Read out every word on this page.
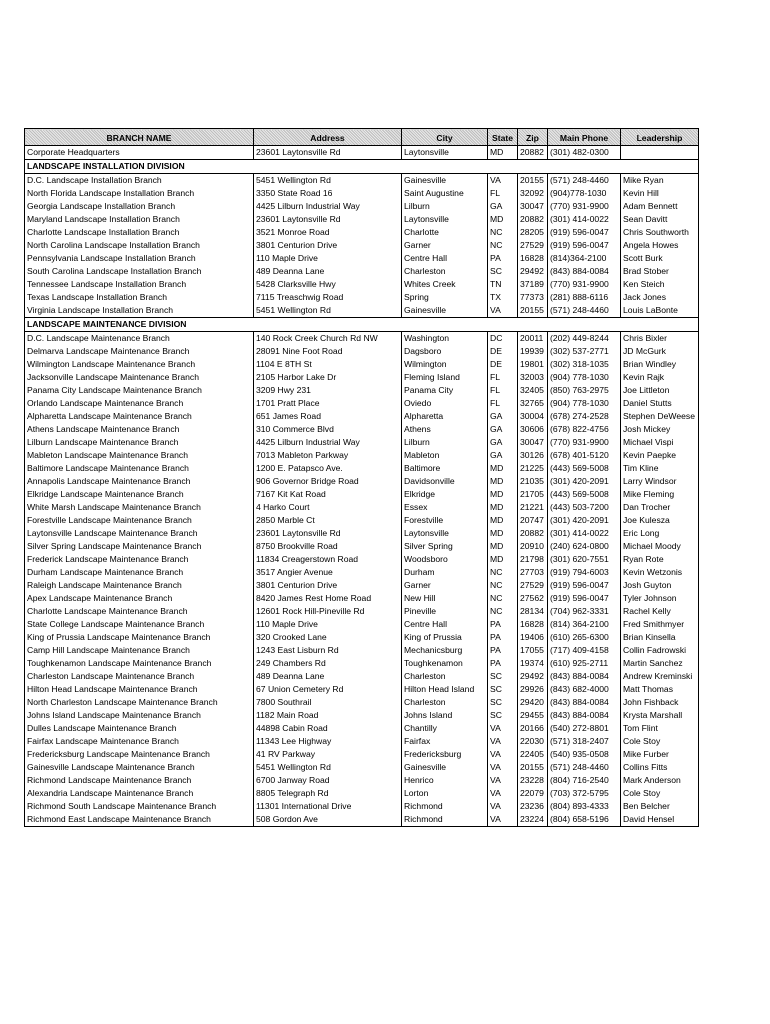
BRANCH NAME	Address	City	State	Zip	Main Phone	Leadership
Corporate Headquarters	23601 Laytonsville Rd	Laytonsville	MD	20882	(301) 482-0300	
LANDSCAPE INSTALLATION DIVISION						
D.C. Landscape Installation Branch	5451 Wellington Rd	Gainesville	VA	20155	(571) 248-4460	Mike Ryan
North Florida Landscape Installation Branch	3350 State Road 16	Saint Augustine	FL	32092	(904)778-1030	Kevin Hill
Georgia Landscape Installation Branch	4425 Lilburn Industrial Way	Lilburn	GA	30047	(770) 931-9900	Adam Bennett
Maryland Landscape Installation Branch	23601 Laytonsville Rd	Laytonsville	MD	20882	(301) 414-0022	Sean Davitt
Charlotte Landscape Installation Branch	3521 Monroe Road	Charlotte	NC	28205	(919) 596-0047	Chris Southworth
North Carolina Landscape Installation Branch	3801 Centurion Drive	Garner	NC	27529	(919) 596-0047	Angela Howes
Pennsylvania Landscape Installation Branch	110 Maple Drive	Centre Hall	PA	16828	(814)364-2100	Scott Burk
South Carolina Landscape Installation Branch	489 Deanna Lane	Charleston	SC	29492	(843) 884-0084	Brad Stober
Tennessee Landscape Installation Branch	5428 Clarksville Hwy	Whites Creek	TN	37189	(770) 931-9900	Ken Steich
Texas Landscape Installation Branch	7115 Treaschwig Road	Spring	TX	77373	(281) 888-6116	Jack Jones
Virginia Landscape Installation Branch	5451 Wellington Rd	Gainesville	VA	20155	(571) 248-4460	Louis LaBonte
LANDSCAPE MAINTENANCE DIVISION						
D.C. Landscape Maintenance Branch	140 Rock Creek Church Rd NW	Washington	DC	20011	(202) 449-8244	Chris Bixler
Delmarva Landscape Maintenance Branch	28091 Nine Foot Road	Dagsboro	DE	19939	(302) 537-2771	JD McGurk
Wilmington Landscape Maintenance Branch	1104 E 8TH St	Wilmington	DE	19801	(302) 318-1035	Brian Windley
Jacksonville Landscape Maintenance Branch	2105 Harbor Lake Dr	Fleming Island	FL	32003	(904) 778-1030	Kevin Rajk
Panama City Landscape Maintenance Branch	3209 Hwy 231	Panama City	FL	32405	(850) 763-2975	Joe Littleton
Orlando Landscape Maintenance Branch	1701 Pratt Place	Oviedo	FL	32765	(904) 778-1030	Daniel Stutts
Alpharetta Landscape Maintenance Branch	651 James Road	Alpharetta	GA	30004	(678) 274-2528	Stephen DeWeese
Athens Landscape Maintenance Branch	310 Commerce Blvd	Athens	GA	30606	(678) 822-4756	Josh Mickey
Lilburn Landscape Maintenance Branch	4425 Lilburn Industrial Way	Lilburn	GA	30047	(770) 931-9900	Michael Vispi
Mableton Landscape Maintenance Branch	7013 Mableton Parkway	Mableton	GA	30126	(678) 401-5120	Kevin Paepke
Baltimore Landscape Maintenance Branch	1200 E. Patapsco Ave.	Baltimore	MD	21225	(443) 569-5008	Tim Kline
Annapolis Landscape Maintenance Branch	906 Governor Bridge Road	Davidsonville	MD	21035	(301) 420-2091	Larry Windsor
Elkridge Landscape Maintenance Branch	7167 Kit Kat Road	Elkridge	MD	21705	(443) 569-5008	Mike Fleming
White Marsh Landscape Maintenance Branch	4 Harko Court	Essex	MD	21221	(443) 503-7200	Dan Trocher
Forestville Landscape Maintenance Branch	2850 Marble Ct	Forestville	MD	20747	(301) 420-2091	Joe Kulesza
Laytonsville Landscape Maintenance Branch	23601 Laytonsville Rd	Laytonsville	MD	20882	(301) 414-0022	Eric Long
Silver Spring Landscape Maintenance Branch	8750 Brookville Road	Silver Spring	MD	20910	(240) 624-0800	Michael Moody
Frederick Landscape Maintenance Branch	11834 Creagerstown Road	Woodsboro	MD	21798	(301) 620-7551	Ryan Rote
Durham Landscape Maintenance Branch	3517 Angier Avenue	Durham	NC	27703	(919) 794-6003	Kevin Wetzonis
Raleigh Landscape Maintenance Branch	3801 Centurion Drive	Garner	NC	27529	(919) 596-0047	Josh Guyton
Apex Landscape Maintenance Branch	8420 James Rest Home Road	New Hill	NC	27562	(919) 596-0047	Tyler Johnson
Charlotte Landscape Maintenance Branch	12601 Rock Hill-Pineville Rd	Pineville	NC	28134	(704) 962-3331	Rachel Kelly
State College Landscape Maintenance Branch	110 Maple Drive	Centre Hall	PA	16828	(814) 364-2100	Fred Smithmyer
King of Prussia Landscape Maintenance Branch	320 Crooked Lane	King of Prussia	PA	19406	(610) 265-6300	Brian Kinsella
Camp Hill Landscape Maintenance Branch	1243 East Lisburn Rd	Mechanicsburg	PA	17055	(717) 409-4158	Collin Fadrowski
Toughkenamon Landscape Maintenance Branch	249 Chambers Rd	Toughkenamon	PA	19374	(610) 925-2711	Martin Sanchez
Charleston Landscape Maintenance Branch	489 Deanna Lane	Charleston	SC	29492	(843) 884-0084	Andrew Kreminski
Hilton Head Landscape Maintenance Branch	67 Union Cemetery Rd	Hilton Head Island	SC	29926	(843) 682-4000	Matt Thomas
North Charleston Landscape Maintenance Branch	7800 Southrail	Charleston	SC	29420	(843) 884-0084	John Fishback
Johns Island Landscape Maintenance Branch	1182 Main Road	Johns Island	SC	29455	(843) 884-0084	Krysta Marshall
Dulles Landscape Maintenance Branch	44898 Cabin Road	Chantilly	VA	20166	(540) 272-8801	Tom Flint
Fairfax Landscape Maintenance Branch	11343 Lee Highway	Fairfax	VA	22030	(571) 318-2407	Cole Stoy
Fredericksburg Landscape Maintenance Branch	41 RV Parkway	Fredericksburg	VA	22405	(540) 935-0508	Mike Furber
Gainesville Landscape Maintenance Branch	5451 Wellington Rd	Gainesville	VA	20155	(571) 248-4460	Collins Fitts
Richmond Landscape Maintenance Branch	6700 Janway Road	Henrico	VA	23228	(804) 716-2540	Mark Anderson
Alexandria Landscape Maintenance Branch	8805 Telegraph Rd	Lorton	VA	22079	(703) 372-5795	Cole Stoy
Richmond South Landscape Maintenance Branch	11301 International Drive	Richmond	VA	23236	(804) 893-4333	Ben Belcher
Richmond East Landscape Maintenance Branch	508 Gordon Ave	Richmond	VA	23224	(804) 658-5196	David Hensel
